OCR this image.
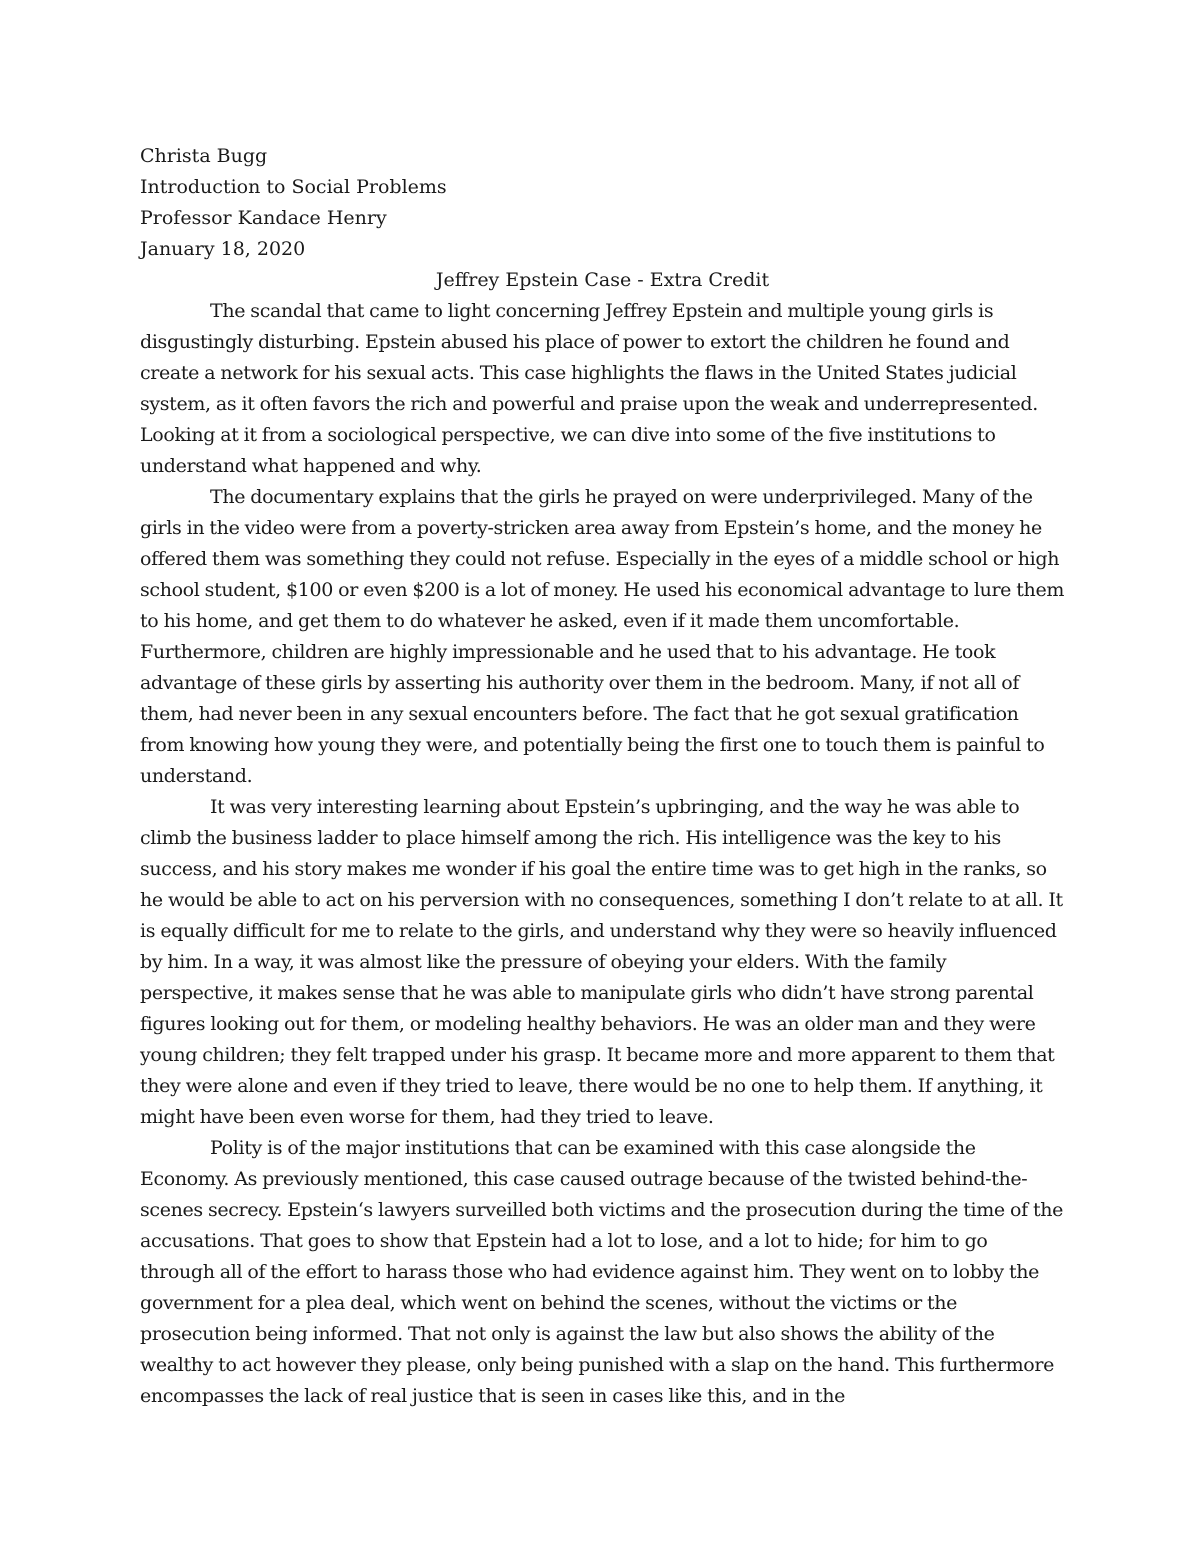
Christa Bugg
Introduction to Social Problems
Professor Kandace Henry
January 18, 2020
Jeffrey Epstein Case - Extra Credit

The scandal that came to light concerning Jeffrey Epstein and multiple young girls is disgustingly disturbing. Epstein abused his place of power to extort the children he found and create a network for his sexual acts. This case highlights the flaws in the United States judicial system, as it often favors the rich and powerful and praise upon the weak and underrepresented. Looking at it from a sociological perspective, we can dive into some of the five institutions to understand what happened and why.

The documentary explains that the girls he prayed on were underprivileged. Many of the girls in the video were from a poverty-stricken area away from Epstein’s home, and the money he offered them was something they could not refuse. Especially in the eyes of a middle school or high school student, $100 or even $200 is a lot of money. He used his economical advantage to lure them to his home, and get them to do whatever he asked, even if it made them uncomfortable. Furthermore, children are highly impressionable and he used that to his advantage. He took advantage of these girls by asserting his authority over them in the bedroom. Many, if not all of them, had never been in any sexual encounters before. The fact that he got sexual gratification from knowing how young they were, and potentially being the first one to touch them is painful to understand.

It was very interesting learning about Epstein’s upbringing, and the way he was able to climb the business ladder to place himself among the rich. His intelligence was the key to his success, and his story makes me wonder if his goal the entire time was to get high in the ranks, so he would be able to act on his perversion with no consequences, something I don’t relate to at all. It is equally difficult for me to relate to the girls, and understand why they were so heavily influenced by him. In a way, it was almost like the pressure of obeying your elders. With the family perspective, it makes sense that he was able to manipulate girls who didn’t have strong parental figures looking out for them, or modeling healthy behaviors. He was an older man and they were young children; they felt trapped under his grasp. It became more and more apparent to them that they were alone and even if they tried to leave, there would be no one to help them. If anything, it might have been even worse for them, had they tried to leave.

Polity is of the major institutions that can be examined with this case alongside the Economy. As previously mentioned, this case caused outrage because of the twisted behind-the-scenes secrecy. Epstein‘s lawyers surveilled both victims and the prosecution during the time of the accusations. That goes to show that Epstein had a lot to lose, and a lot to hide; for him to go through all of the effort to harass those who had evidence against him. They went on to lobby the government for a plea deal, which went on behind the scenes, without the victims or the prosecution being informed. That not only is against the law but also shows the ability of the wealthy to act however they please, only being punished with a slap on the hand. This furthermore encompasses the lack of real justice that is seen in cases like this, and in the
